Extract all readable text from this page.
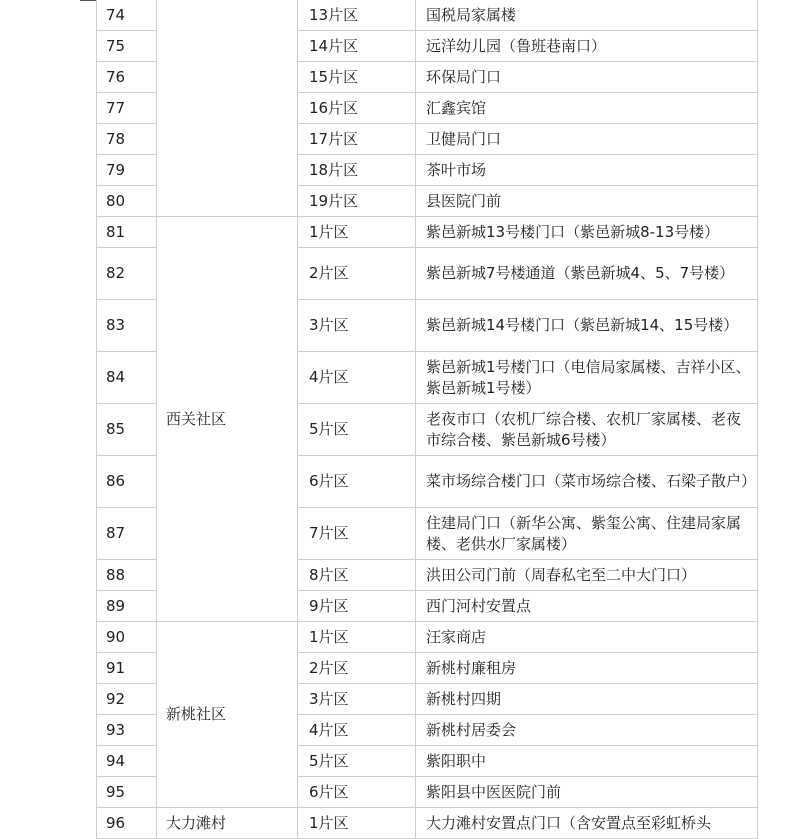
74		13片区	国税局家属楼
75		14片区	远洋幼儿园（鲁班巷南口）
76		15片区	环保局门口
77		16片区	汇鑫宾馆
78		17片区	卫健局门口
79		18片区	茶叶市场
80		19片区	县医院门前
81	西关社区	1片区	紫邑新城13号楼门口（紫邑新城8-13号楼）
82		2片区	紫邑新城7号楼通道（紫邑新城4、5、7号楼）
83		3片区	紫邑新城14号楼门口（紫邑新城14、15号楼）
84		4片区	紫邑新城1号楼门口（电信局家属楼、吉祥小区、紫邑新城1号楼）
85		5片区	老夜市口（农机厂综合楼、农机厂家属楼、老夜市综合楼、紫邑新城6号楼）
86		6片区	菜市场综合楼门口（菜市场综合楼、石梁子散户）
87		7片区	住建局门口（新华公寓、紫玺公寓、住建局家属楼、老供水厂家属楼）
88		8片区	洪田公司门前（周春私宅至二中大门口）
89		9片区	西门河村安置点
90	新桃社区	1片区	汪家商店
91		2片区	新桃村廉租房
92		3片区	新桃村四期
93		4片区	新桃村居委会
94		5片区	紫阳职中
95		6片区	紫阳县中医医院门前
96	大力滩村	1片区	大力滩村安置点门口（含安置点至彩虹桥头
